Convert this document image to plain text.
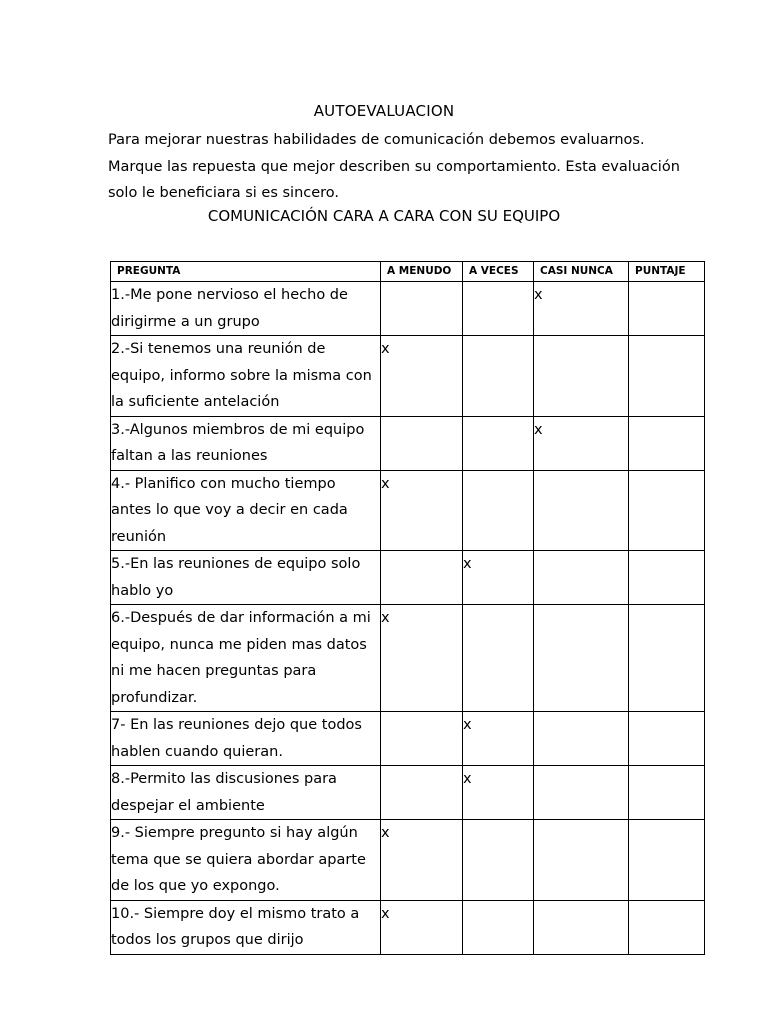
AUTOEVALUACION

Para mejorar nuestras habilidades de comunicación debemos evaluarnos.

Marque las repuesta que mejor describen su comportamiento. Esta evaluación

solo le beneficiara si es sincero.

COMUNICACIÓN CARA A CARA CON SU EQUIPO
PREGUNTA	A MENUDO	A VECES	CASI NUNCA	PUNTAJE
1.-Me pone nervioso el hecho de dirigirme a un grupo			x	
2.-Si tenemos una reunión de equipo, informo sobre la misma con la suficiente antelación	x			
3.-Algunos miembros de mi equipo faltan a las reuniones			x	
4.- Planifico con mucho tiempo antes lo que voy a decir en cada reunión	x			
5.-En las reuniones de equipo solo hablo yo		x		
6.-Después de dar información a mi equipo, nunca me piden mas datos ni me hacen preguntas para profundizar.	x			
7- En las reuniones dejo que todos hablen cuando quieran.		x		
8.-Permito las discusiones para despejar el ambiente		x		
9.- Siempre pregunto si hay algún tema que se quiera abordar aparte de los que yo expongo.	x			
10.- Siempre doy el mismo trato a todos los grupos que dirijo	x			
